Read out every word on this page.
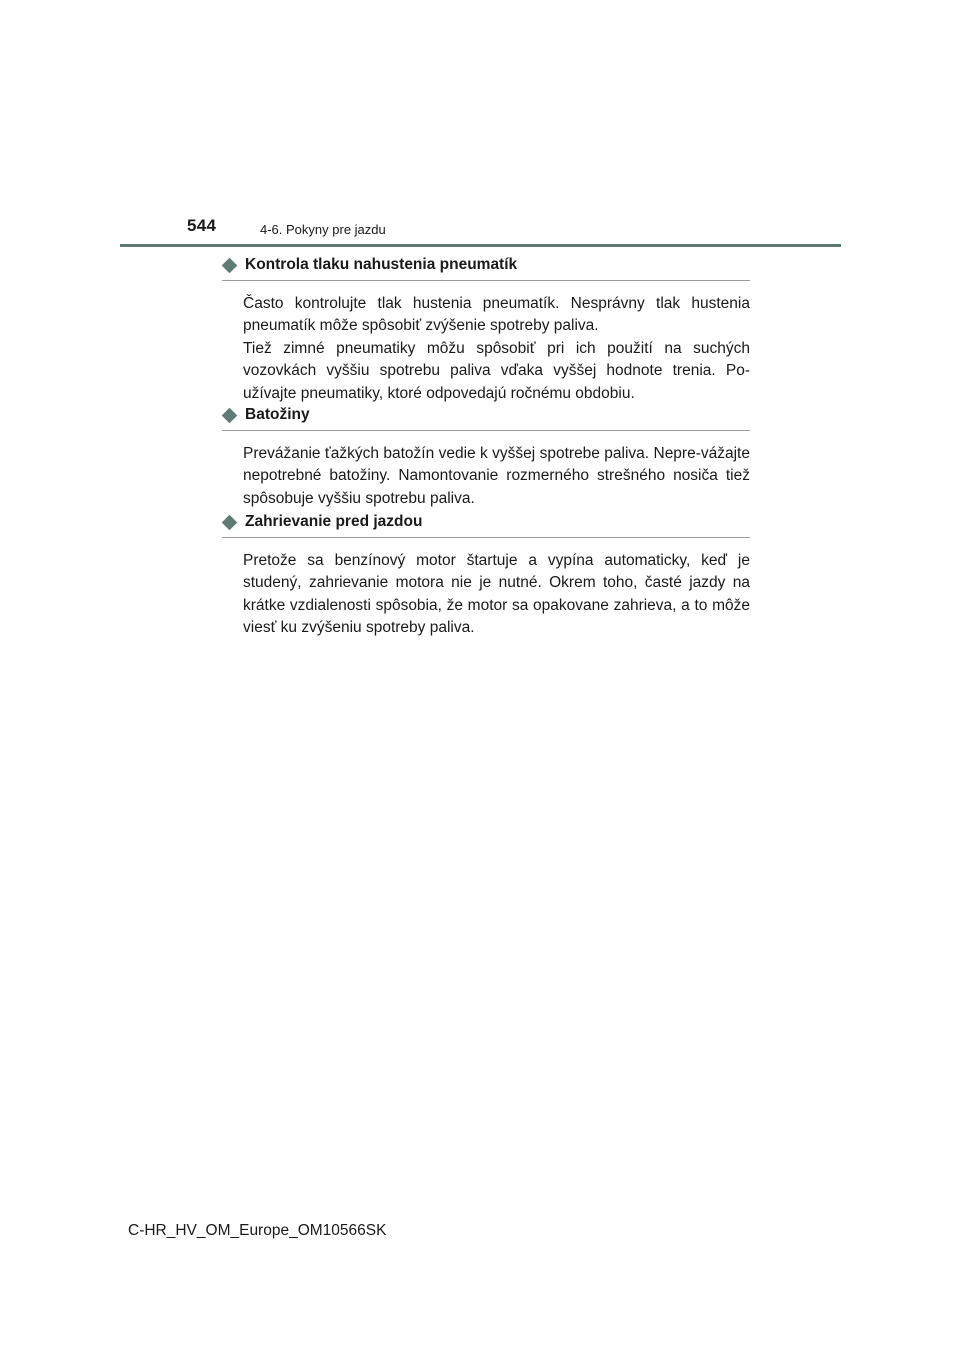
544	4-6. Pokyny pre jazdu
Kontrola tlaku nahustenia pneumatík

Často kontrolujte tlak hustenia pneumatík. Nesprávny tlak hustenia pneumatík môže spôsobiť zvýšenie spotreby paliva.

Tiež zimné pneumatiky môžu spôsobiť pri ich použití na suchých vozovkách vyššiu spotrebu paliva vďaka vyššej hodnote trenia. Po-užívajte pneumatiky, ktoré odpovedajú ročnému obdobiu.

Batožiny

Prevážanie ťažkých batožín vedie k vyššej spotrebe paliva. Nepre-vážajte nepotrebné batožiny. Namontovanie rozmerného strešného nosiča tiež spôsobuje vyššiu spotrebu paliva.

Zahrievanie pred jazdou

Pretože sa benzínový motor štartuje a vypína automaticky, keď je studený, zahrievanie motora nie je nutné. Okrem toho, časté jazdy na krátke vzdialenosti spôsobia, že motor sa opakovane zahrieva, a to môže viesť ku zvýšeniu spotreby paliva.

C-HR_HV_OM_Europe_OM10566SK
